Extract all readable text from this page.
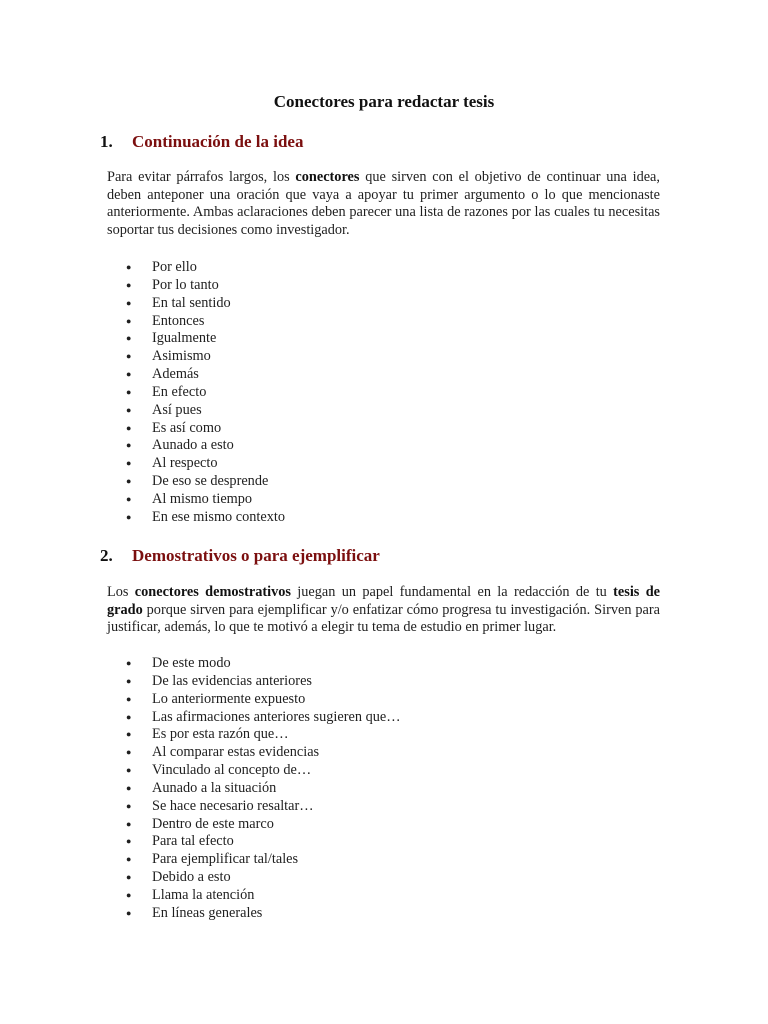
Conectores para redactar tesis
1. Continuación de la idea
Para evitar párrafos largos, los conectores que sirven con el objetivo de continuar una idea, deben anteponer una oración que vaya a apoyar tu primer argumento o lo que mencionaste anteriormente. Ambas aclaraciones deben parecer una lista de razones por las cuales tu necesitas soportar tus decisiones como investigador.
● Por ello
● Por lo tanto
● En tal sentido
● Entonces
● Igualmente
● Asimismo
● Además
● En efecto
● Así pues
● Es así como
● Aunado a esto
● Al respecto
● De eso se desprende
● Al mismo tiempo
● En ese mismo contexto
2. Demostrativos o para ejemplificar
Los conectores demostrativos juegan un papel fundamental en la redacción de tu tesis de grado porque sirven para ejemplificar y/o enfatizar cómo progresa tu investigación. Sirven para justificar, además, lo que te motivó a elegir tu tema de estudio en primer lugar.
● De este modo
● De las evidencias anteriores
● Lo anteriormente expuesto
● Las afirmaciones anteriores sugieren que…
● Es por esta razón que…
● Al comparar estas evidencias
● Vinculado al concepto de…
● Aunado a la situación
● Se hace necesario resaltar…
● Dentro de este marco
● Para tal efecto
● Para ejemplificar tal/tales
● Debido a esto
● Llama la atención
● En líneas generales
